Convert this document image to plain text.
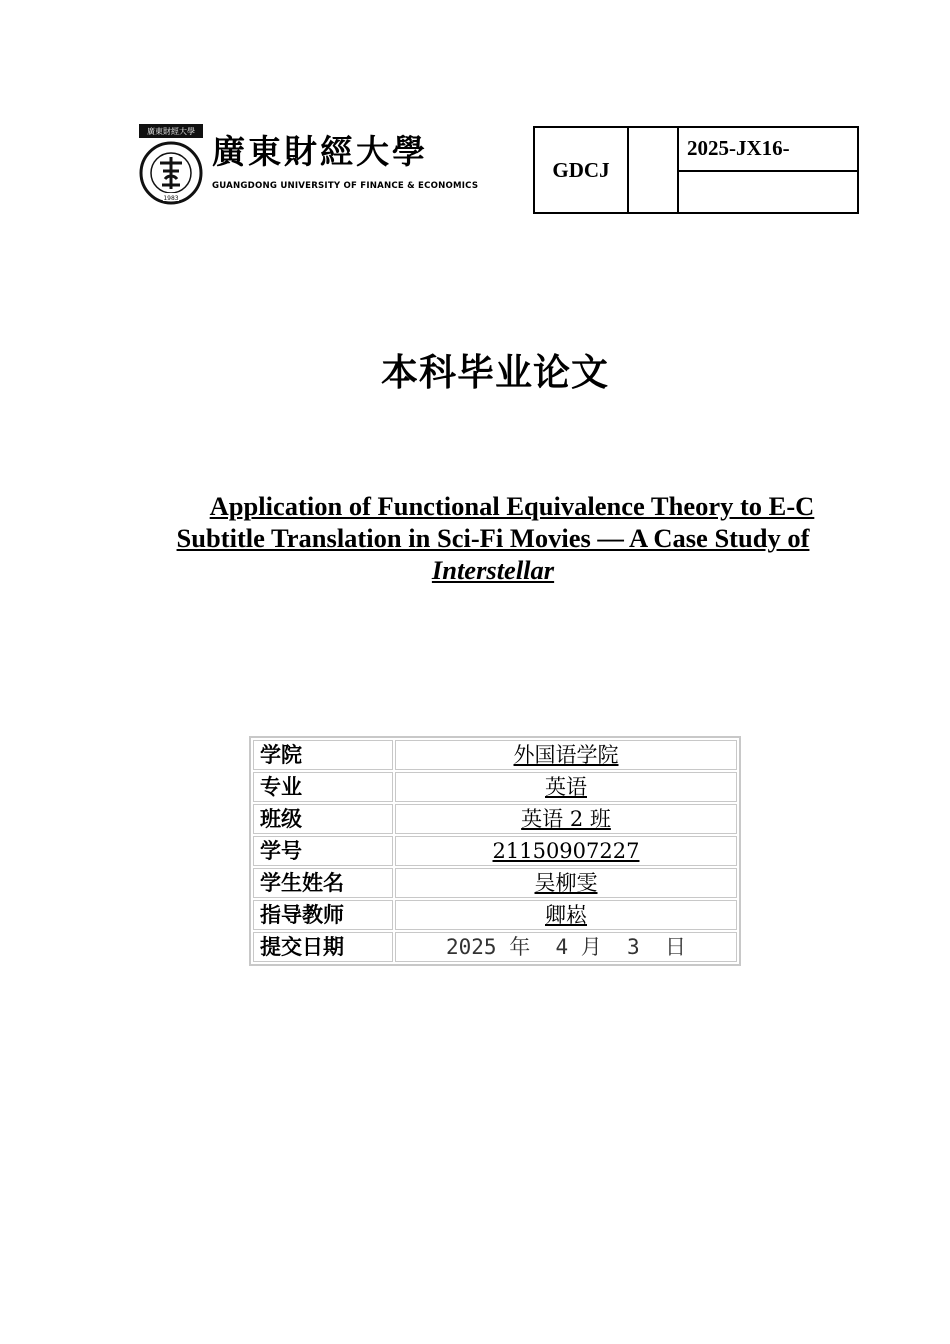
廣東財經大學
1983
廣東財經大學
GUANGDONG UNIVERSITY OF FINANCE & ECONOMICS
GDCJ		2025-JX16-

本科毕业论文
Application of Functional Equivalence Theory to E-C
Subtitle Translation in Sci-Fi Movies — A Case Study of
Interstellar
学院	外国语学院
专业	英语
班级	英语 2 班
学号	21150907227
学生姓名	吴柳雯
指导教师	卿崧
提交日期	2025 年  4 月  3  日
